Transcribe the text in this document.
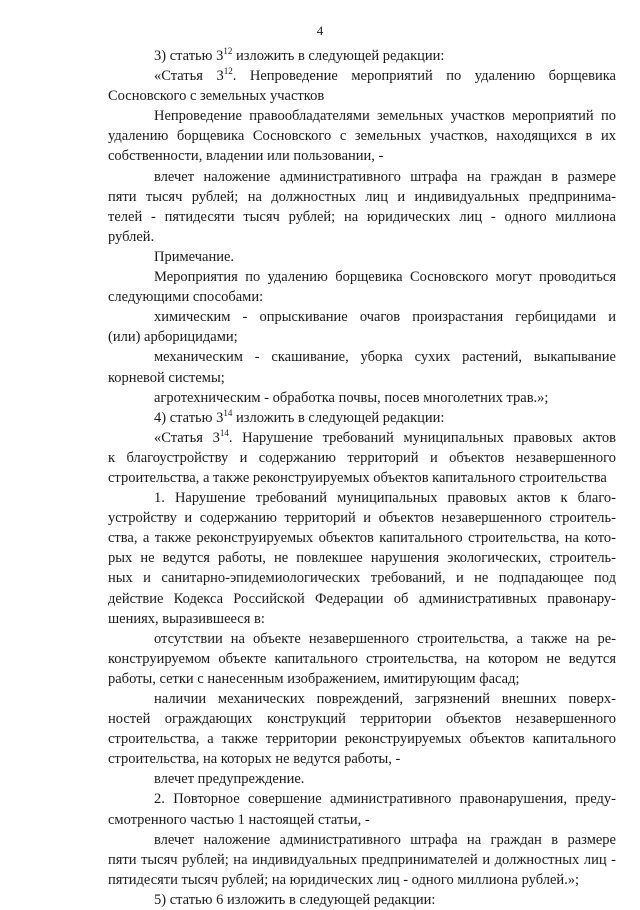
4
3) статью $3^{12}$ изложить в следующей редакции:
«Статья $3^{12}$. Непроведение мероприятий по удалению борщевика
Сосновского с земельных участков
Непроведение правообладателями земельных участков мероприятий по
удалению борщевика Сосновского с земельных участков, находящихся в их
собственности, владении или пользовании, -
влечет наложение административного штрафа на граждан в размере
пяти тысяч рублей; на должностных лиц и индивидуальных предпринима-
телей - пятидесяти тысяч рублей; на юридических лиц - одного миллиона
рублей.
Примечание.
Мероприятия по удалению борщевика Сосновского могут проводиться
следующими способами:
химическим - опрыскивание очагов произрастания гербицидами и
(или) арборицидами;
механическим - скашивание, уборка сухих растений, выкапывание
корневой системы;
агротехническим - обработка почвы, посев многолетних трав.»;
4) статью $3^{14}$ изложить в следующей редакции:
«Статья $3^{14}$. Нарушение требований муниципальных правовых актов
к благоустройству и содержанию территорий и объектов незавершенного
строительства, а также реконструируемых объектов капитального строительства
1. Нарушение требований муниципальных правовых актов к благо-
устройству и содержанию территорий и объектов незавершенного строитель-
ства, а также реконструируемых объектов капитального строительства, на кото-
рых не ведутся работы, не повлекшее нарушения экологических, строитель-
ных и санитарно-эпидемиологических требований, и не подпадающее под
действие Кодекса Российской Федерации об административных правонару-
шениях, выразившееся в:
отсутствии на объекте незавершенного строительства, а также на ре-
конструируемом объекте капитального строительства, на котором не ведутся
работы, сетки с нанесенным изображением, имитирующим фасад;
наличии механических повреждений, загрязнений внешних поверх-
ностей ограждающих конструкций территории объектов незавершенного
строительства, а также территории реконструируемых объектов капитального
строительства, на которых не ведутся работы, -
влечет предупреждение.
2. Повторное совершение административного правонарушения, преду-
смотренного частью 1 настоящей статьи, -
влечет наложение административного штрафа на граждан в размере
пяти тысяч рублей; на индивидуальных предпринимателей и должностных лиц -
пятидесяти тысяч рублей; на юридических лиц - одного миллиона рублей.»;
5) статью 6 изложить в следующей редакции:
